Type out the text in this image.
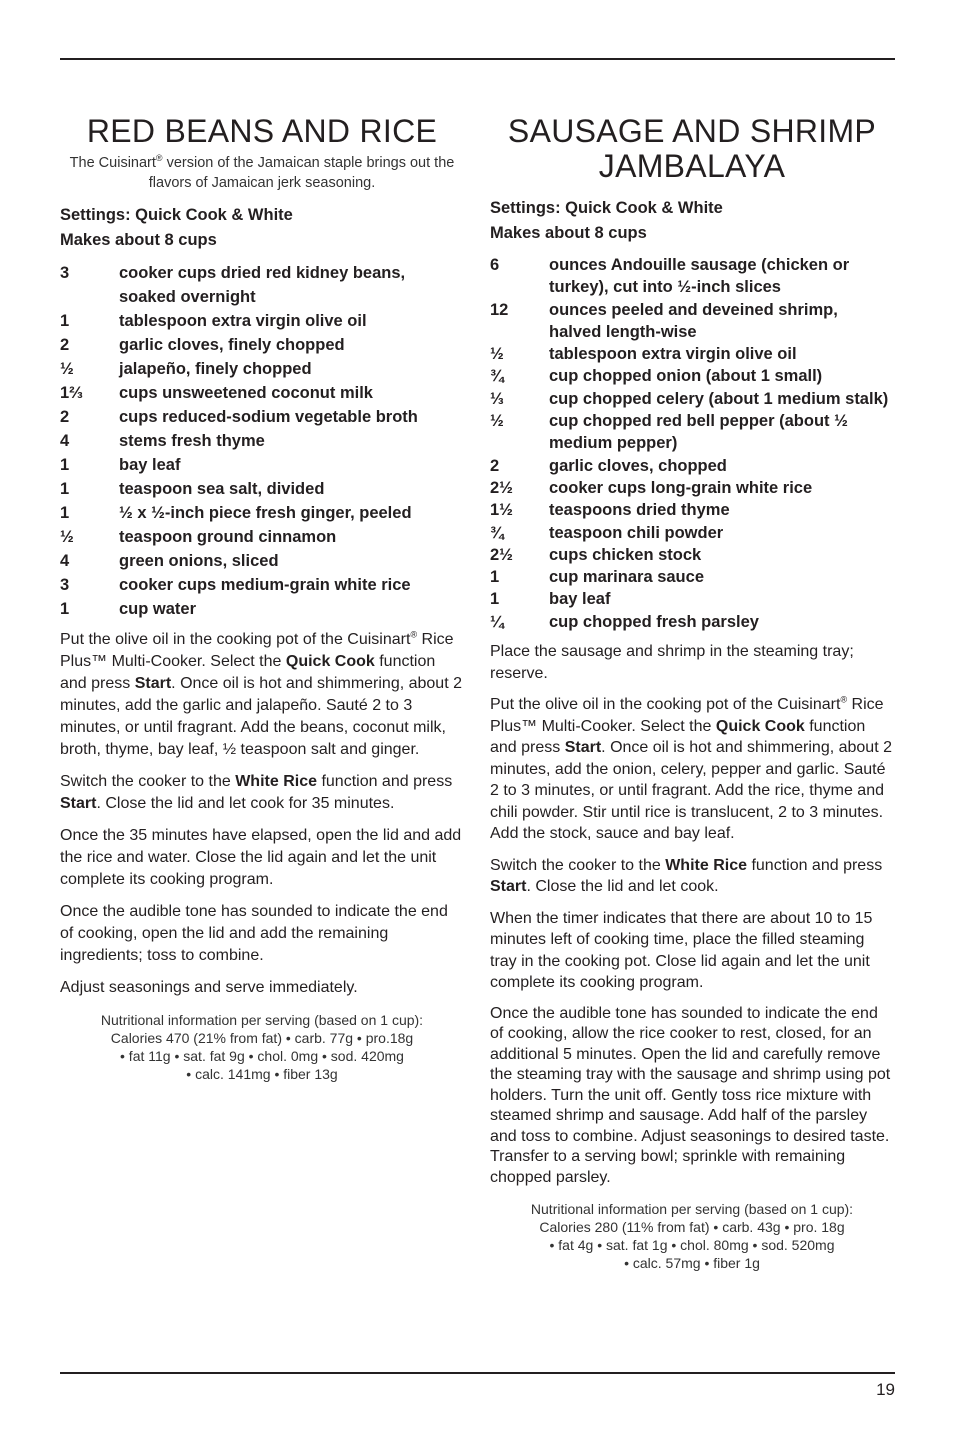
RED BEANS AND RICE
The Cuisinart® version of the Jamaican staple brings out the flavors of Jamaican jerk seasoning.
Settings: Quick Cook & White
Makes about 8 cups
3	cooker cups dried red kidney beans, soaked overnight
1	tablespoon extra virgin olive oil
2	garlic cloves, finely chopped
½	jalapeño, finely chopped
1⅔	cups unsweetened coconut milk
2	cups reduced-sodium vegetable broth
4	stems fresh thyme
1	bay leaf
1	teaspoon sea salt, divided
1	½ x ½-inch piece fresh ginger, peeled
½	teaspoon ground cinnamon
4	green onions, sliced
3	cooker cups medium-grain white rice
1	cup water

Put the olive oil in the cooking pot of the Cuisinart® Rice Plus™ Multi-Cooker. Select the Quick Cook function and press Start. Once oil is hot and shimmering, about 2 minutes, add the garlic and jalapeño. Sauté 2 to 3 minutes, or until fragrant. Add the beans, coconut milk, broth, thyme, bay leaf, ½ teaspoon salt and ginger.

Switch the cooker to the White Rice function and press Start. Close the lid and let cook for 35 minutes.

Once the 35 minutes have elapsed, open the lid and add the rice and water. Close the lid again and let the unit complete its cooking program.

Once the audible tone has sounded to indicate the end of cooking, open the lid and add the remaining ingredients; toss to combine.

Adjust seasonings and serve immediately.

Nutritional information per serving (based on 1 cup):
Calories 470 (21% from fat) • carb. 77g • pro.18g
• fat 11g • sat. fat 9g • chol. 0mg • sod. 420mg
• calc. 141mg • fiber 13g
SAUSAGE AND SHRIMP
JAMBALAYA
Settings: Quick Cook & White
Makes about 8 cups
6	ounces Andouille sausage (chicken or turkey), cut into ½-inch slices
12	ounces peeled and deveined shrimp, halved length-wise
½	tablespoon extra virgin olive oil
¾	cup chopped onion (about 1 small)
⅓	cup chopped celery (about 1 medium stalk)
½	cup chopped red bell pepper (about ½ medium pepper)
2	garlic cloves, chopped
2½	cooker cups long-grain white rice
1½	teaspoons dried thyme
¾	teaspoon chili powder
2½	cups chicken stock
1	cup marinara sauce
1	bay leaf
¼	cup chopped fresh parsley

Place the sausage and shrimp in the steaming tray; reserve.

Put the olive oil in the cooking pot of the Cuisinart® Rice Plus™ Multi-Cooker. Select the Quick Cook function and press Start. Once oil is hot and shimmering, about 2 minutes, add the onion, celery, pepper and garlic. Sauté 2 to 3 minutes, or until fragrant. Add the rice, thyme and chili powder. Stir until rice is translucent, 2 to 3 minutes. Add the stock, sauce and bay leaf.

Switch the cooker to the White Rice function and press Start. Close the lid and let cook.

When the timer indicates that there are about 10 to 15 minutes left of cooking time, place the filled steaming tray in the cooking pot. Close lid again and let the unit complete its cooking program.

Once the audible tone has sounded to indicate the end of cooking, allow the rice cooker to rest, closed, for an additional 5 minutes. Open the lid and carefully remove the steaming tray with the sausage and shrimp using pot holders. Turn the unit off. Gently toss rice mixture with steamed shrimp and sausage. Add half of the parsley and toss to combine. Adjust seasonings to desired taste. Transfer to a serving bowl; sprinkle with remaining chopped parsley.

Nutritional information per serving (based on 1 cup):
Calories 280 (11% from fat) • carb. 43g • pro. 18g
• fat 4g • sat. fat 1g • chol. 80mg • sod. 520mg
• calc. 57mg • fiber 1g
19
